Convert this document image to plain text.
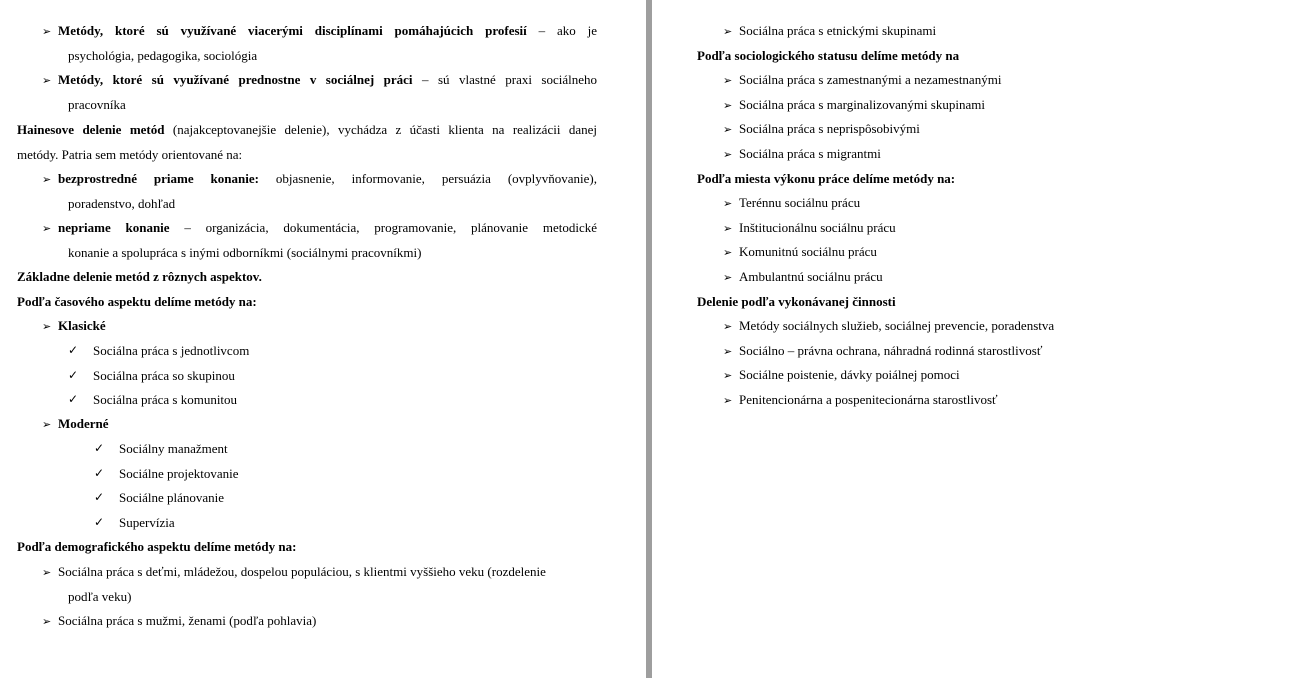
➢ Metódy, ktoré sú využívané viacerými disciplínami pomáhajúcich profesií – ako je
psychológia, pedagogika, sociológia
➢ Metódy, ktoré sú využívané prednostne v sociálnej práci – sú vlastné praxi sociálneho
pracovníka
Hainesove delenie metód (najakceptovanejšie delenie), vychádza z účasti klienta na realizácii danej
metódy. Patria sem metódy orientované na:
➢ bezprostredné priame konanie: objasnenie, informovanie, persuázia (ovplyvňovanie),
poradenstvo, dohľad
➢ nepriame konanie – organizácia, dokumentácia, programovanie, plánovanie metodické
konanie a spolupráca s inými odborníkmi (sociálnymi pracovníkmi)
Základne delenie metód z rôznych aspektov.
Podľa časového aspektu delíme metódy na:
➢ Klasické
✓ Sociálna práca s jednotlivcom
✓ Sociálna práca so skupinou
✓ Sociálna práca s komunitou
➢ Moderné
✓ Sociálny manažment
✓ Sociálne projektovanie
✓ Sociálne plánovanie
✓ Supervízia
Podľa demografického aspektu delíme metódy na:
➢ Sociálna práca s deťmi, mládežou, dospelou populáciou, s klientmi vyššieho veku (rozdelenie
podľa veku)
➢ Sociálna práca s mužmi, ženami (podľa pohlavia)
➢ Sociálna práca s etnickými skupinami
Podľa sociologického statusu delíme metódy na
➢ Sociálna práca s zamestnanými a nezamestnanými
➢ Sociálna práca s marginalizovanými skupinami
➢ Sociálna práca s neprispôsobivými
➢ Sociálna práca s migrantmi
Podľa miesta výkonu práce delíme metódy na:
➢ Terénnu sociálnu prácu
➢ Inštitucionálnu sociálnu prácu
➢ Komunitnú sociálnu prácu
➢ Ambulantnú sociálnu prácu
Delenie podľa vykonávanej činnosti
➢ Metódy sociálnych služieb, sociálnej prevencie, poradenstva
➢ Sociálno – právna ochrana, náhradná rodinná starostlivosť
➢ Sociálne poistenie, dávky poiálnej pomoci
➢ Penitencionárna a pospenitecionárna starostlivosť
